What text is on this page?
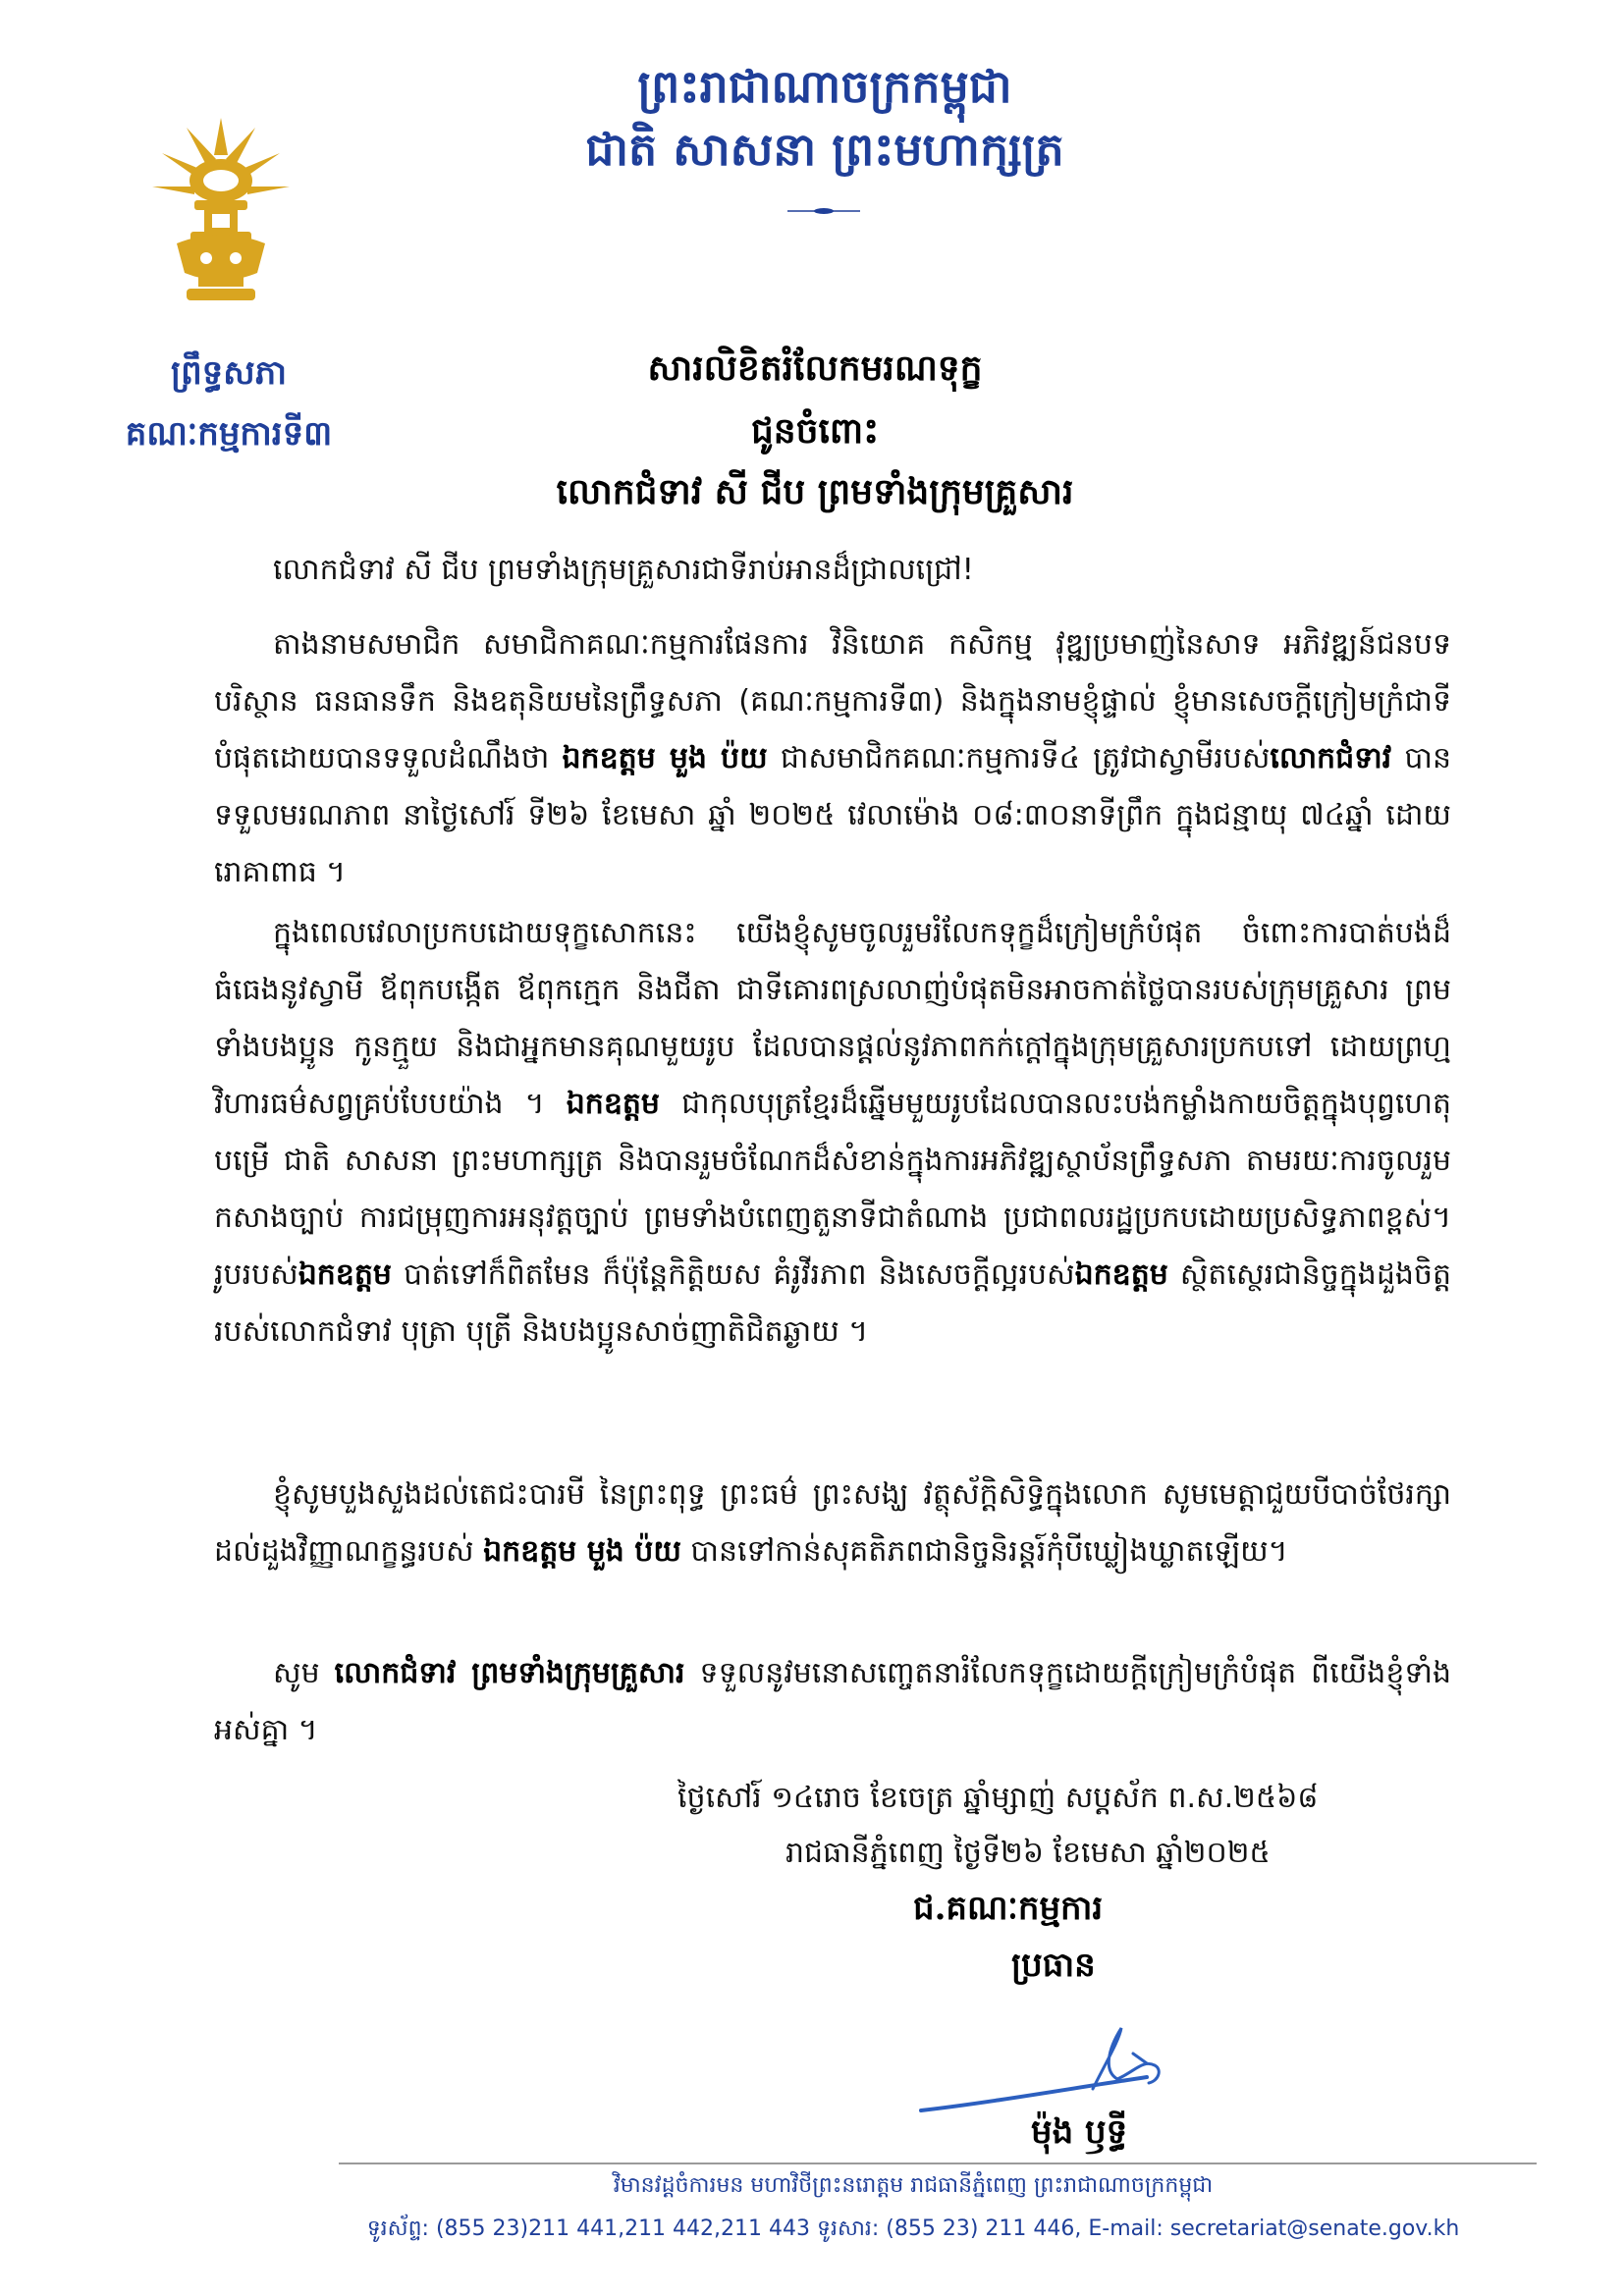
ព្រឹទ្ធសភា
គណៈកម្មការទី៣
ព្រះរាជាណាចក្រកម្ពុជា
ជាតិ សាសនា ព្រះមហាក្សត្រ
សារលិខិតរំលែកមរណទុក្ខ
ជូនចំពោះ
លោកជំទាវ សី ជីប ព្រមទាំងក្រុមគ្រួសារ

លោកជំទាវ សី ជីប ព្រមទាំងក្រុមគ្រួសារជាទីរាប់អានដ៏ជ្រាលជ្រៅ!

តាងនាមសមាជិក សមាជិកាគណៈកម្មការផែនការ វិនិយោគ កសិកម្ម វុឌ្ឍប្រមាញ់នៃសាទ អភិវឌ្ឍន៍ជនបទ បរិស្ថាន ធនធានទឹក និងឧតុនិយមនៃព្រឹទ្ធសភា (គណៈកម្មការទី៣) និងក្នុងនាមខ្ញុំផ្ទាល់ ខ្ញុំមានសេចក្តីក្រៀមក្រំជាទីបំផុតដោយបានទទួលដំណឹងថា ឯកឧត្តម មួង ប៉យ ជាសមាជិកគណៈកម្មការទី៤ ត្រូវជាស្វាមីរបស់លោកជំទាវ បានទទួលមរណភាព នាថ្ងៃសៅរ៍ ទី២៦ ខែមេសា ឆ្នាំ ២០២៥ វេលាម៉ោង ០៨:៣០នាទីព្រឹក ក្នុងជន្មាយុ ៧៤ឆ្នាំ ដោយរោគាពាធ ។

ក្នុងពេលវេលាប្រកបដោយទុក្ខសោកនេះ យើងខ្ញុំសូមចូលរួមរំលែកទុក្ខដ៏ក្រៀមក្រំបំផុត ចំពោះការបាត់បង់ដ៏ធំធេងនូវស្វាមី ឪពុកបង្កើត ឪពុកក្មេក និងជីតា ជាទីគោរពស្រលាញ់បំផុតមិនអាចកាត់ថ្លៃបានរបស់ក្រុមគ្រួសារ ព្រមទាំងបងប្អូន កូនក្មួយ និងជាអ្នកមានគុណមួយរូប ដែលបានផ្តល់នូវភាពកក់ក្តៅក្នុងក្រុមគ្រួសារប្រកបទៅ ដោយព្រហ្មវិហារធម៌សព្វគ្រប់បែបយ៉ាង ។ ឯកឧត្តម ជាកុលបុត្រខ្មែរដ៏ឆ្នើមមួយរូបដែលបានលះបង់កម្លាំងកាយចិត្តក្នុងបុព្វហេតុបម្រើ ជាតិ សាសនា ព្រះមហាក្សត្រ និងបានរួមចំណែកដ៏សំខាន់ក្នុងការអភិវឌ្ឍស្ថាប័នព្រឹទ្ធសភា តាមរយៈការចូលរួមកសាងច្បាប់ ការជម្រុញការអនុវត្តច្បាប់ ព្រមទាំងបំពេញតួនាទីជាតំណាង ប្រជាពលរដ្ឋប្រកបដោយប្រសិទ្ធភាពខ្ពស់។ រូបរបស់ឯកឧត្តម បាត់ទៅក៏ពិតមែន ក៏ប៉ុន្តែកិត្តិយស គំរូវីរភាព និងសេចក្តីល្អរបស់ឯកឧត្តម ស្ថិតស្ថេរជានិច្ចក្នុងដួងចិត្តរបស់លោកជំទាវ បុត្រា បុត្រី និងបងប្អូនសាច់ញាតិជិតឆ្ងាយ ។

ខ្ញុំសូមបួងសួងដល់តេជះបារមី នៃព្រះពុទ្ធ ព្រះធម៌ ព្រះសង្ឃ វត្ថុស័ក្តិសិទ្ធិក្នុងលោក សូមមេត្តាជួយបីបាច់ថែរក្សាដល់ដួងវិញ្ញាណក្ខន្ធរបស់ ឯកឧត្តម មួង ប៉យ បានទៅកាន់សុគតិភពជានិច្ចនិរន្តរ៍កុំបីឃ្លៀងឃ្លាតឡើយ។

សូម លោកជំទាវ ព្រមទាំងក្រុមគ្រួសារ ទទួលនូវមនោសញ្ចេតនារំលែកទុក្ខដោយក្តីក្រៀមក្រំបំផុត ពីយើងខ្ញុំទាំងអស់គ្នា ។

ថ្ងៃសៅរ៍ ១៤រោច ខែចេត្រ ឆ្នាំម្សាញ់ សប្តស័ក ព.ស.២៥៦៨
រាជធានីភ្នំពេញ ថ្ងៃទី២៦ ខែមេសា ឆ្នាំ២០២៥
ជ.គណៈកម្មការ
ប្រធាន
ម៉ុង ឫទ្ធី
វិមានវដ្តចំការមន មហាវិថីព្រះនរោត្តម រាជធានីភ្នំពេញ ព្រះរាជាណាចក្រកម្ពុជា
ទូរស័ព្ទ: (855 23)211 441,211 442,211 443 ទូរសារ: (855 23) 211 446, E-mail: secretariat@senate.gov.kh
